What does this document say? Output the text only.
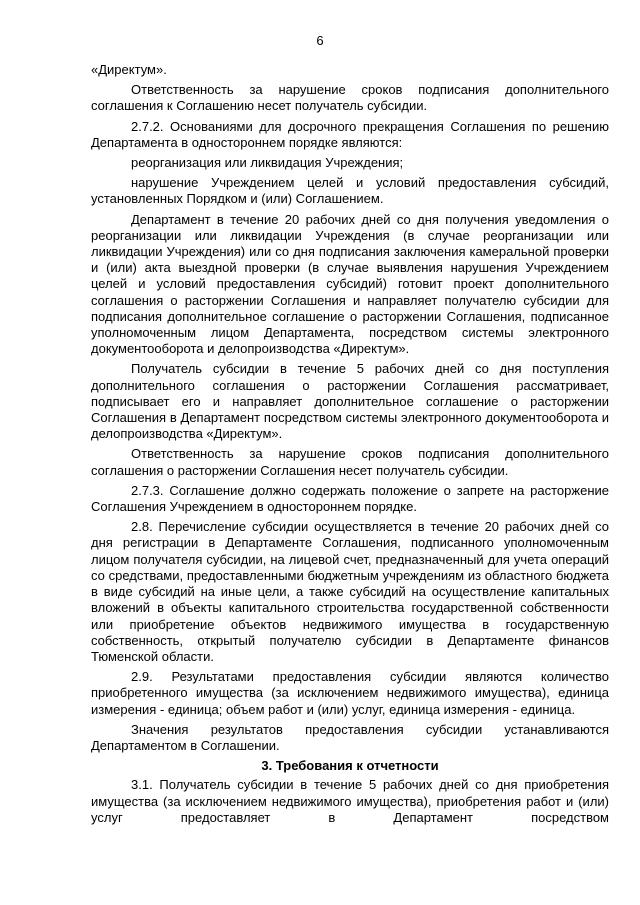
6

«Директум».

Ответственность за нарушение сроков подписания дополнительного соглашения к Соглашению несет получатель субсидии.

2.7.2. Основаниями для досрочного прекращения Соглашения по решению Департамента в одностороннем порядке являются:

реорганизация или ликвидация Учреждения;

нарушение Учреждением целей и условий предоставления субсидий, установленных Порядком и (или) Соглашением.

Департамент в течение 20 рабочих дней со дня получения уведомления о реорганизации или ликвидации Учреждения (в случае реорганизации или ликвидации Учреждения) или со дня подписания заключения камеральной проверки и (или) акта выездной проверки (в случае выявления нарушения Учреждением целей и условий предоставления субсидий) готовит проект дополнительного соглашения о расторжении Соглашения и направляет получателю субсидии для подписания дополнительное соглашение о расторжении Соглашения, подписанное уполномоченным лицом Департамента, посредством системы электронного документооборота и делопроизводства «Директум».

Получатель субсидии в течение 5 рабочих дней со дня поступления дополнительного соглашения о расторжении Соглашения рассматривает, подписывает его и направляет дополнительное соглашение о расторжении Соглашения в Департамент посредством системы электронного документооборота и делопроизводства «Директум».

Ответственность за нарушение сроков подписания дополнительного соглашения о расторжении Соглашения несет получатель субсидии.

2.7.3. Соглашение должно содержать положение о запрете на расторжение Соглашения Учреждением в одностороннем порядке.

2.8. Перечисление субсидии осуществляется в течение 20 рабочих дней со дня регистрации в Департаменте Соглашения, подписанного уполномоченным лицом получателя субсидии, на лицевой счет, предназначенный для учета операций со средствами, предоставленными бюджетным учреждениям из областного бюджета в виде субсидий на иные цели, а также субсидий на осуществление капитальных вложений в объекты капитального строительства государственной собственности или приобретение объектов недвижимого имущества в государственную собственность, открытый получателю субсидии в Департаменте финансов Тюменской области.

2.9. Результатами предоставления субсидии являются количество приобретенного имущества (за исключением недвижимого имущества), единица измерения - единица; объем работ и (или) услуг, единица измерения - единица.

Значения результатов предоставления субсидии устанавливаются Департаментом в Соглашении.

3. Требования к отчетности

3.1. Получатель субсидии в течение 5 рабочих дней со дня приобретения имущества (за исключением недвижимого имущества), приобретения работ и (или) услуг предоставляет в Департамент посредством
